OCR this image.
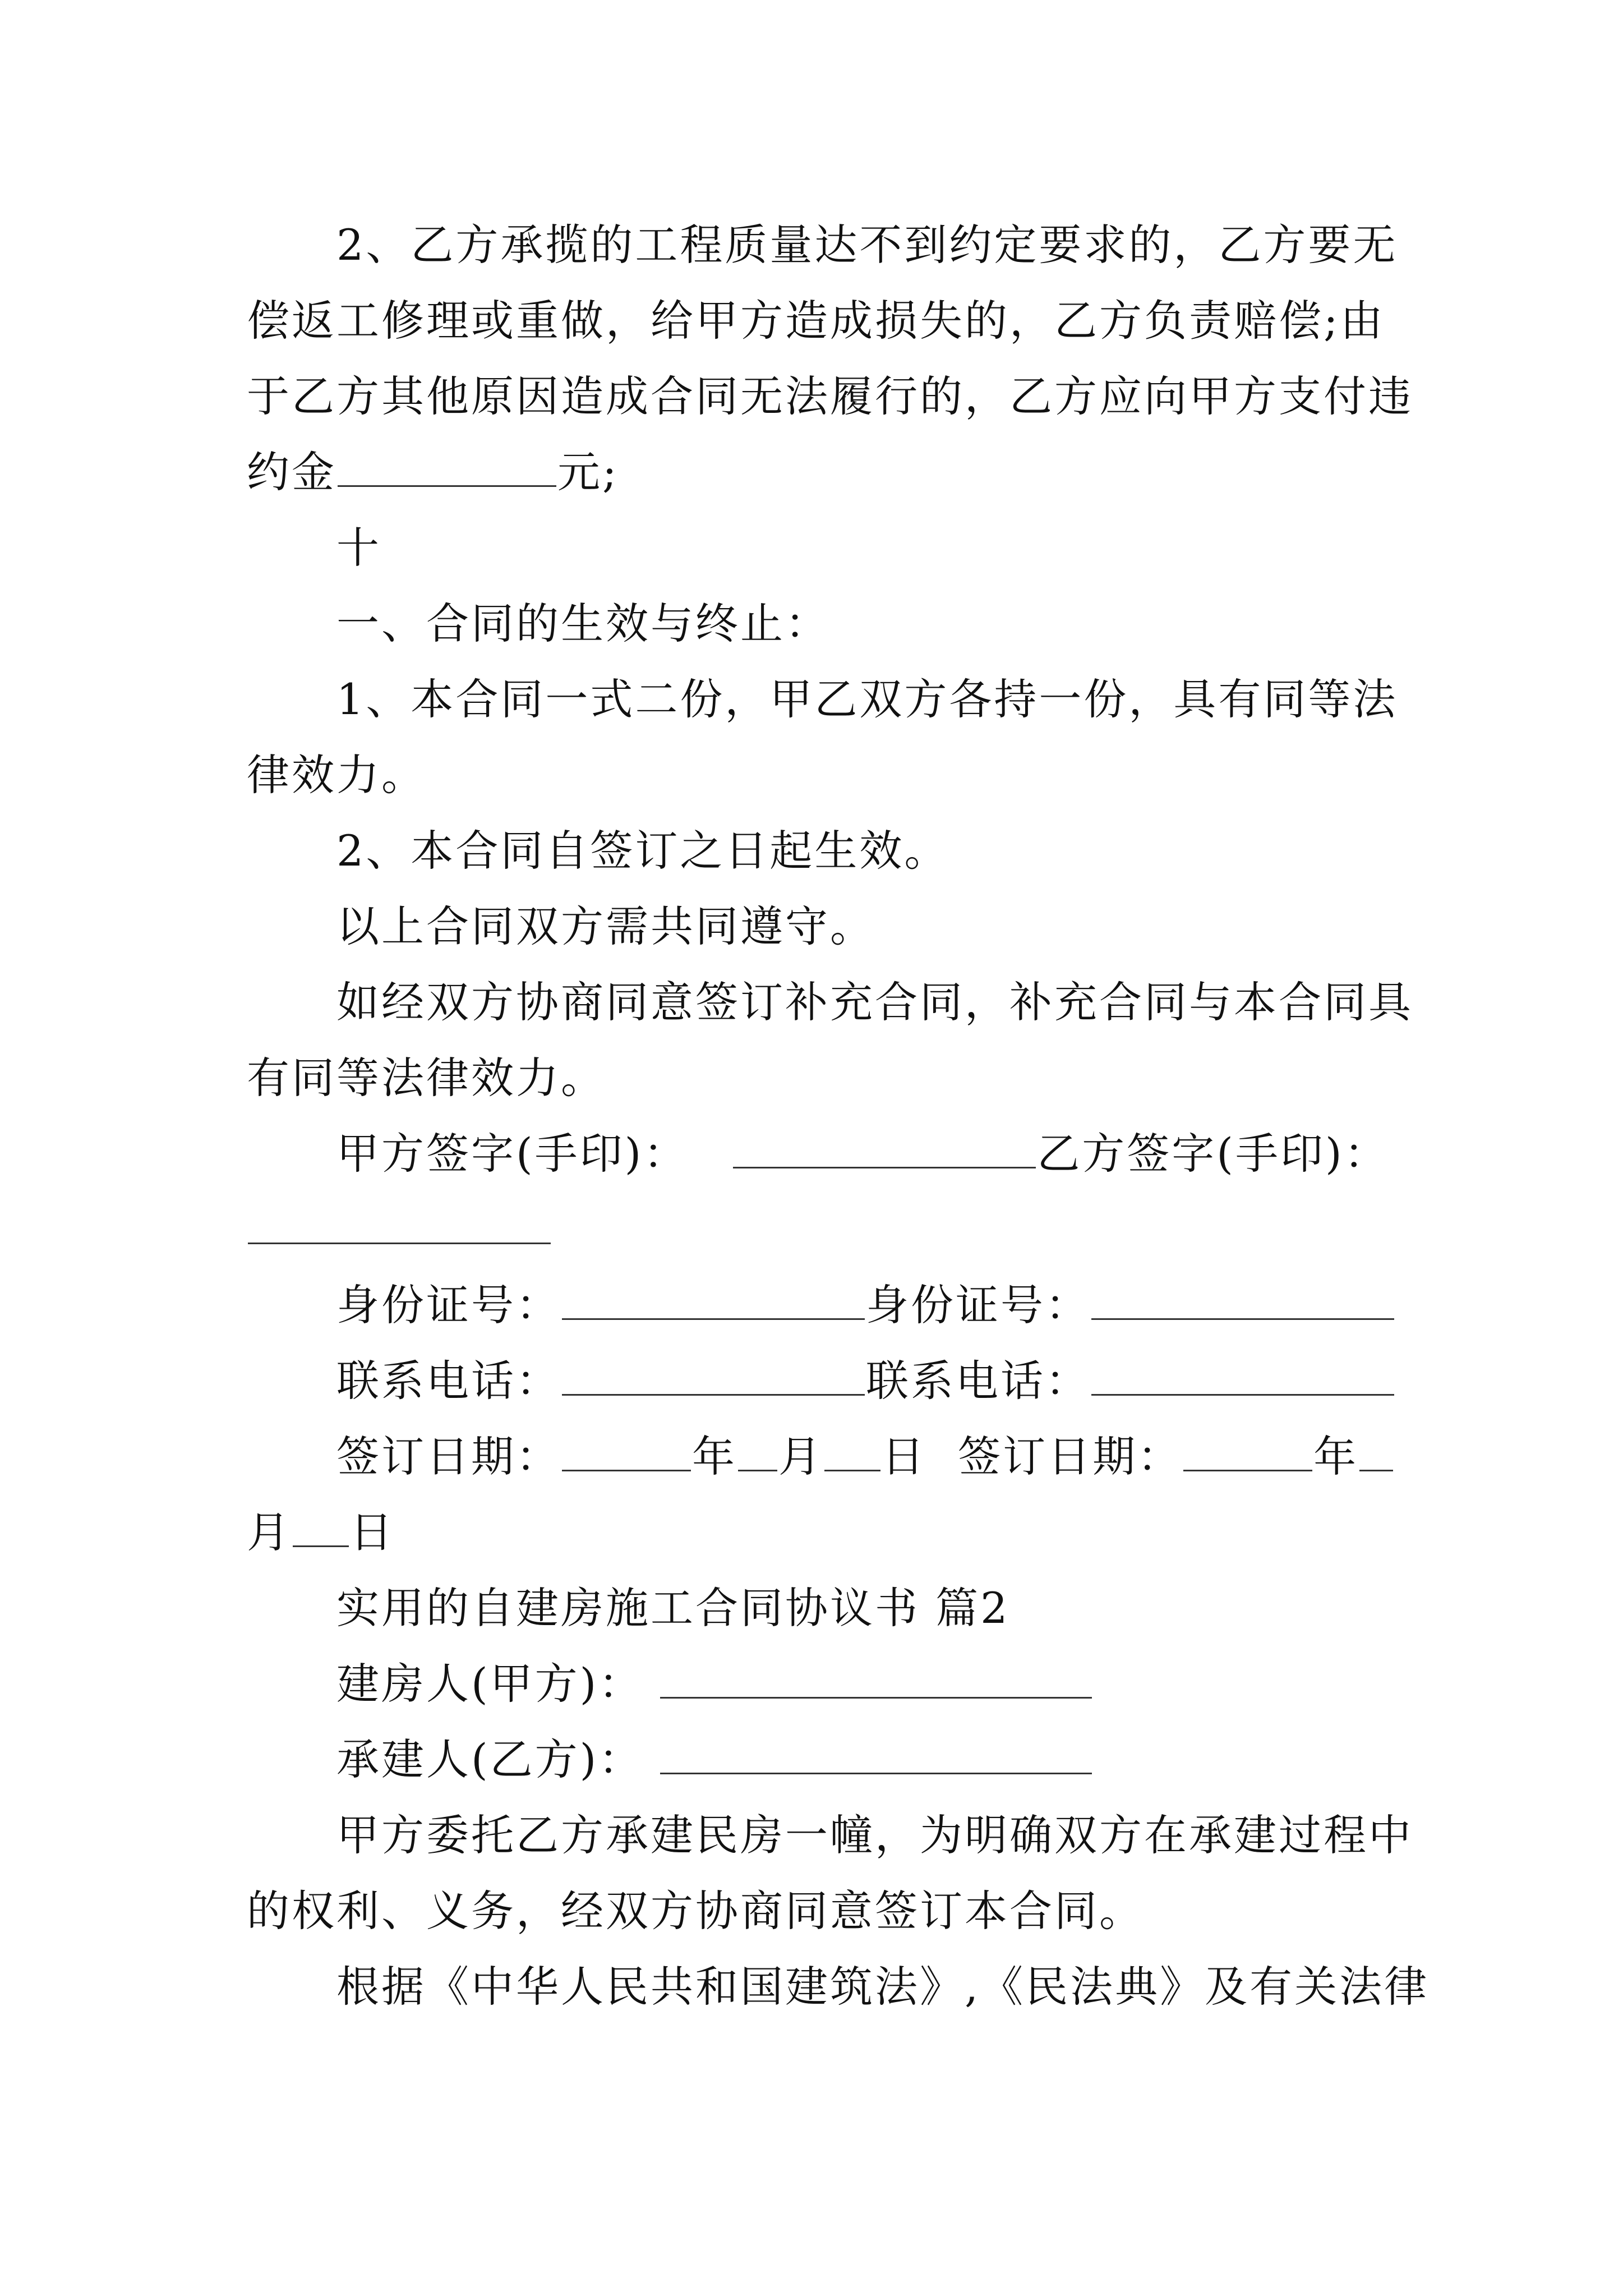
2、乙方承揽的工程质量达不到约定要求的，乙方要无
偿返工修理或重做，给甲方造成损失的，乙方负责赔偿;由
于乙方其他原因造成合同无法履行的，乙方应向甲方支付违
约金	元;
十
一、合同的生效与终止：
1、本合同一式二份，甲乙双方各持一份，具有同等法
律效力。
2、本合同自签订之日起生效。
以上合同双方需共同遵守。
如经双方协商同意签订补充合同，补充合同与本合同具
有同等法律效力。
甲方签字(手印)：	乙方签字(手印)：
身份证号：	身份证号：
联系电话：	联系电话：
签订日期：	年 月 日 签订日期：	年
月 日
实用的自建房施工合同协议书 篇2
建房人(甲方)：
承建人(乙方)：
甲方委托乙方承建民房一幢，为明确双方在承建过程中
的权利、义务，经双方协商同意签订本合同。
根据《中华人民共和国建筑法》,《民法典》及有关法律
